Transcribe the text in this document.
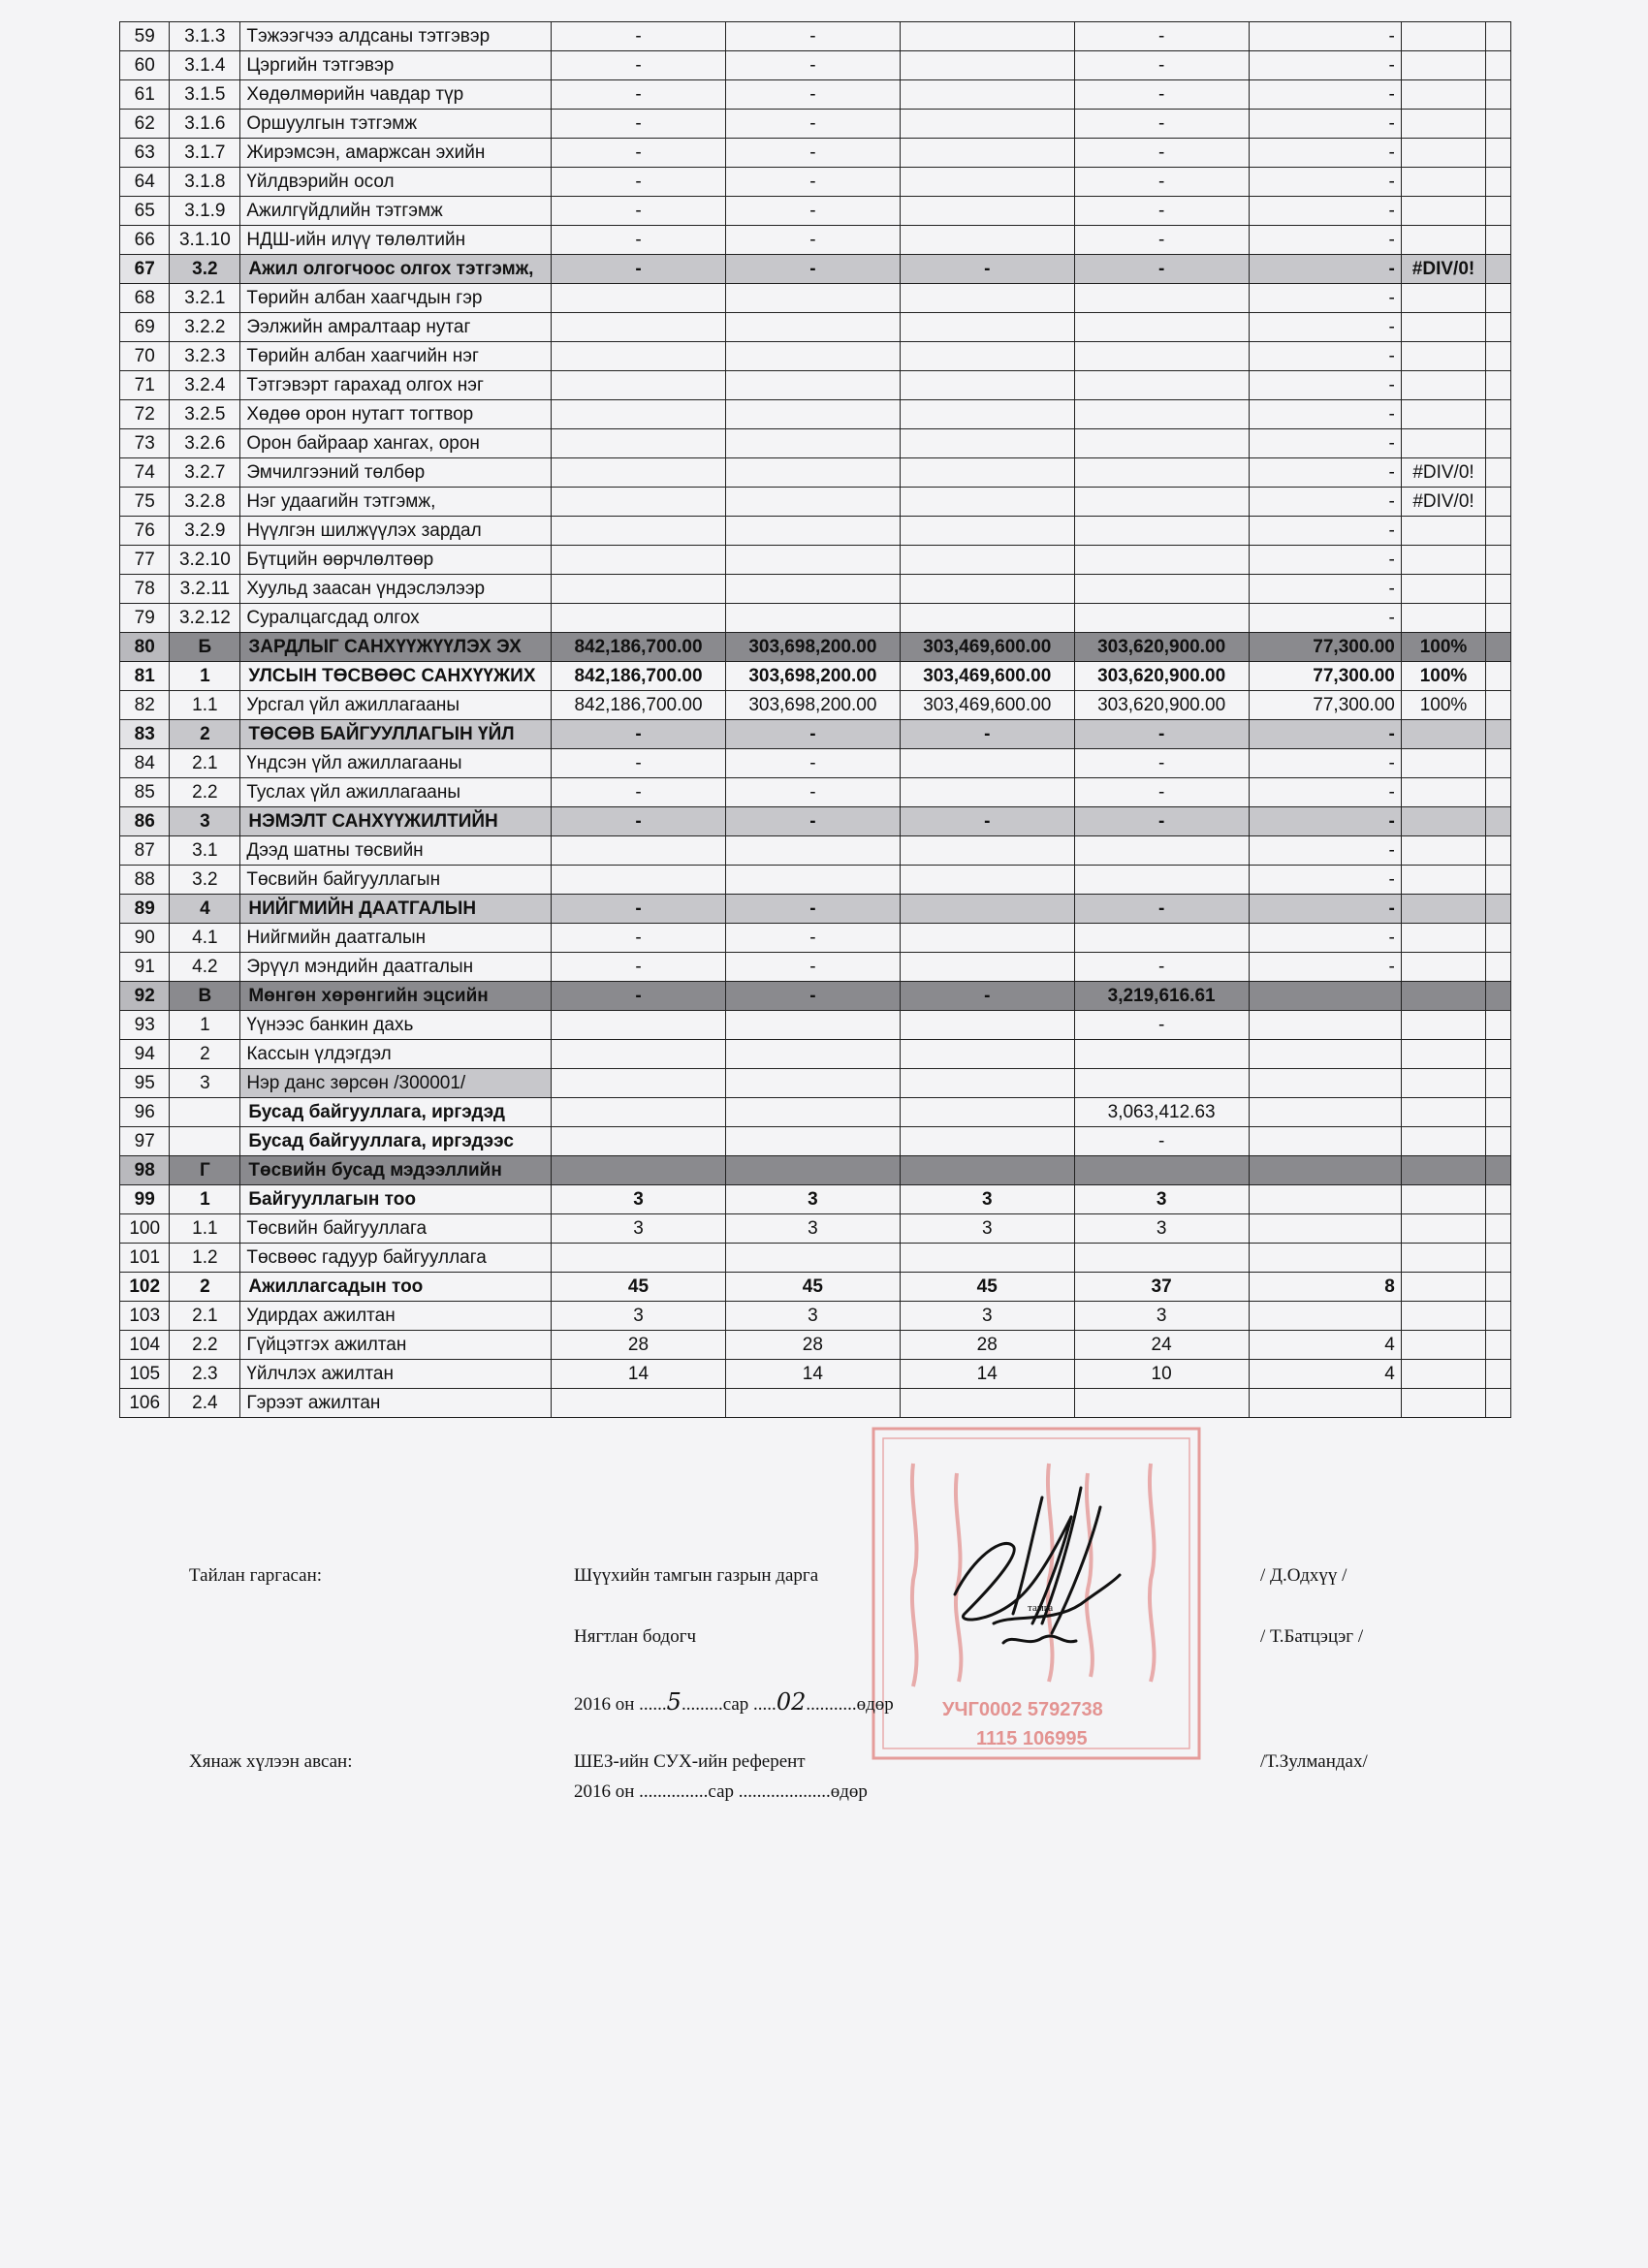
59	3.1.3	Тэжээгчээ алдсаны тэтгэвэр	-	-		-	-		
60	3.1.4	Цэргийн тэтгэвэр	-	-		-	-		
61	3.1.5	Хөдөлмөрийн чавдар түр	-	-		-	-		
62	3.1.6	Оршуулгын тэтгэмж	-	-		-	-		
63	3.1.7	Жирэмсэн, амаржсан эхийн	-	-		-	-		
64	3.1.8	Үйлдвэрийн осол	-	-		-	-		
65	3.1.9	Ажилгүйдлийн тэтгэмж	-	-		-	-		
66	3.1.10	НДШ-ийн илүү төлөлтийн	-	-		-	-		
67	3.2	Ажил олгогчоос олгох тэтгэмж,	-	-	-	-	-	#DIV/0!	
68	3.2.1	Төрийн албан хаагчдын гэр					-		
69	3.2.2	Ээлжийн амралтаар нутаг					-		
70	3.2.3	Төрийн албан хаагчийн нэг					-		
71	3.2.4	Тэтгэвэрт гарахад олгох нэг					-		
72	3.2.5	Хөдөө орон нутагт тогтвор					-		
73	3.2.6	Орон байраар хангах, орон					-		
74	3.2.7	Эмчилгээний төлбөр					-	#DIV/0!	
75	3.2.8	Нэг удаагийн тэтгэмж,					-	#DIV/0!	
76	3.2.9	Нүүлгэн шилжүүлэх зардал					-		
77	3.2.10	Бүтцийн өөрчлөлтөөр					-		
78	3.2.11	Хуульд заасан үндэслэлээр					-		
79	3.2.12	Суралцагсдад олгох					-		
80	Б	ЗАРДЛЫГ САНХҮҮЖҮҮЛЭХ ЭХ	842,186,700.00	303,698,200.00	303,469,600.00	303,620,900.00	77,300.00	100%	
81	1	УЛСЫН ТӨСВӨӨС САНХҮҮЖИХ	842,186,700.00	303,698,200.00	303,469,600.00	303,620,900.00	77,300.00	100%	
82	1.1	Урсгал үйл ажиллагааны	842,186,700.00	303,698,200.00	303,469,600.00	303,620,900.00	77,300.00	100%	
83	2	ТӨСӨВ БАЙГУУЛЛАГЫН ҮЙЛ	-	-	-	-	-		
84	2.1	Үндсэн үйл ажиллагааны	-	-		-	-		
85	2.2	Туслах үйл ажиллагааны	-	-		-	-		
86	3	НЭМЭЛТ САНХҮҮЖИЛТИЙН	-	-	-	-	-		
87	3.1	Дээд шатны төсвийн					-		
88	3.2	Төсвийн байгууллагын					-		
89	4	НИЙГМИЙН ДААТГАЛЫН	-	-		-	-		
90	4.1	Нийгмийн даатгалын	-	-			-		
91	4.2	Эрүүл мэндийн даатгалын	-	-		-	-		
92	В	Мөнгөн хөрөнгийн эцсийн	-	-	-	3,219,616.61			
93	1	Үүнээс банкин дахь				-			
94	2	Кассын үлдэгдэл							
95	3	Нэр данс зөрсөн /300001/							
96		Бусад байгууллага, иргэдэд				3,063,412.63			
97		Бусад байгууллага, иргэдээс				-			
98	Г	Төсвийн бусад мэдээллийн							
99	1	Байгууллагын тоо	3	3	3	3			
100	1.1	Төсвийн байгууллага	3	3	3	3			
101	1.2	Төсвөөс гадуур байгууллага							
102	2	Ажиллагсадын тоо	45	45	45	37	8		
103	2.1	Удирдах ажилтан	3	3	3	3			
104	2.2	Гүйцэтгэх ажилтан	28	28	28	24	4		
105	2.3	Үйлчлэх ажилтан	14	14	14	10	4		
106	2.4	Гэрээт ажилтан							
УЧГ0002 5792738
1115 106995
тамга
Тайлан гаргасан:	Шүүхийн тамгын газрын дарга	/ Д.Одхүү /
Нягтлан бодогч	/ Т.Батцэцэг /
2016 он ......5.........сар .....02...........өдөр
Хянаж хүлээн авсан:	ШЕЗ-ийн СУХ-ийн референт	/Т.Зулмандах/
2016 он ...............сар ....................өдөр
